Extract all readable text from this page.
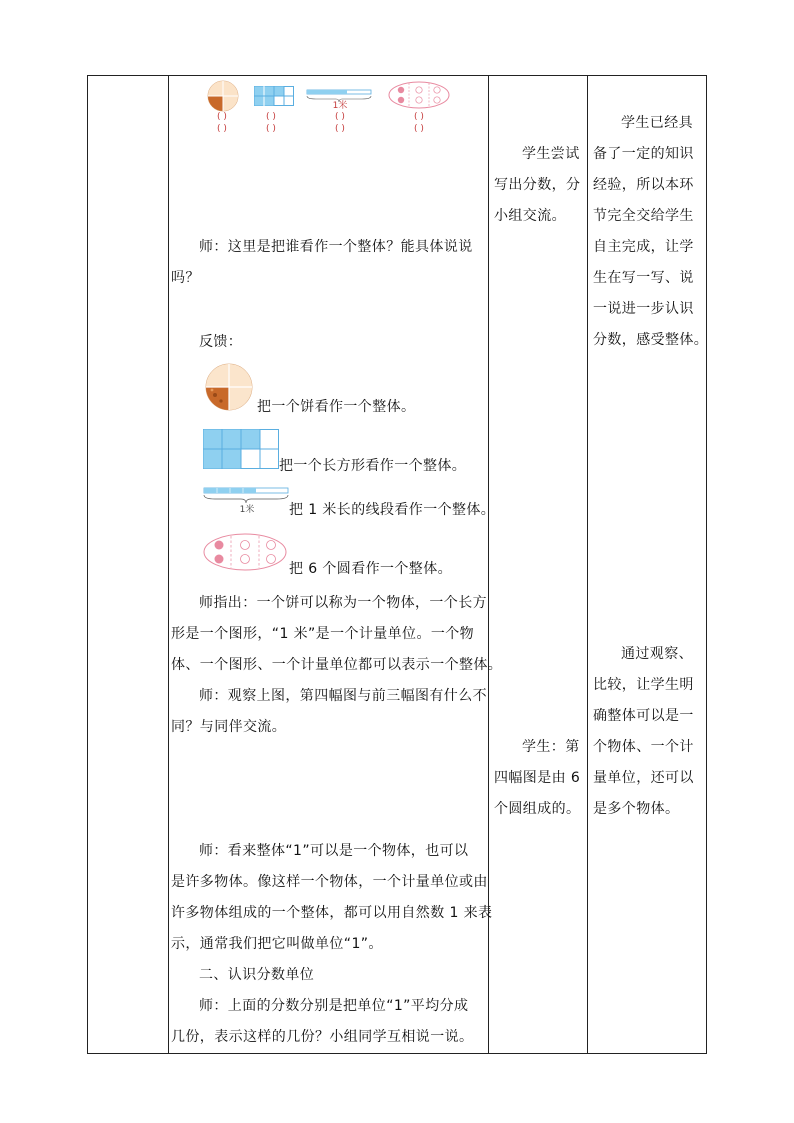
1米
( )
( )
( )
( )
( )
( )
( )
( )
师：这里是把谁看作一个整体？能具体说说
吗？
反馈：
把一个饼看作一个整体。
把一个长方形看作一个整体。
1米	把 1 米长的线段看作一个整体。
把 6 个圆看作一个整体。
师指出：一个饼可以称为一个物体，一个长方
形是一个图形，“1 米”是一个计量单位。一个物
体、一个图形、一个计量单位都可以表示一个整体。
师：观察上图，第四幅图与前三幅图有什么不
同？与同伴交流。
师：看来整体“1”可以是一个物体，也可以
是许多物体。像这样一个物体，一个计量单位或由
许多物体组成的一个整体，都可以用自然数 1 来表
示，通常我们把它叫做单位“1”。
二、认识分数单位
师：上面的分数分别是把单位“1”平均分成
几份，表示这样的几份？小组同学互相说一说。
学生尝试
写出分数，分
小组交流。
学生：第
四幅图是由 6
个圆组成的。
学生已经具
备了一定的知识
经验，所以本环
节完全交给学生
自主完成，让学
生在写一写、说
一说进一步认识
分数，感受整体。
通过观察、
比较，让学生明
确整体可以是一
个物体、一个计
量单位，还可以
是多个物体。
